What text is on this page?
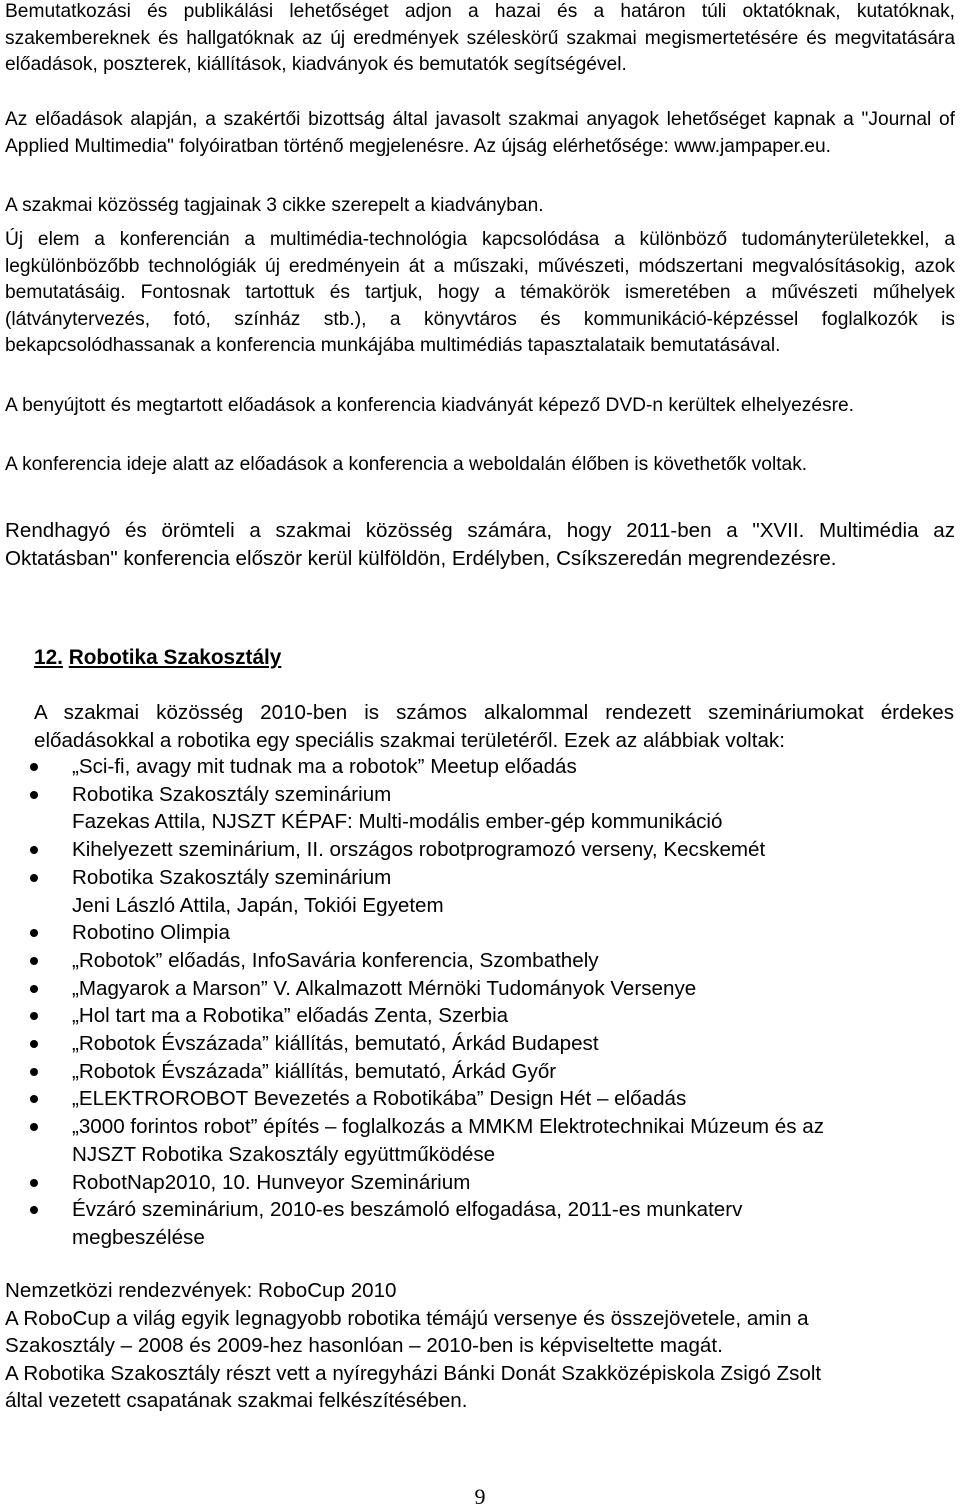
Bemutatkozási és publikálási lehetőséget adjon a hazai és a határon túli oktatóknak, kutatóknak, szakembereknek és hallgatóknak az új eredmények széleskörű szakmai megismertetésére és megvitatására előadások, poszterek, kiállítások, kiadványok és bemutatók segítségével.

Az előadások alapján, a szakértői bizottság által javasolt szakmai anyagok lehetőséget kapnak a "Journal of Applied Multimedia" folyóiratban történő megjelenésre. Az újság elérhetősége: www.jampaper.eu.

A szakmai közösség tagjainak 3 cikke szerepelt a kiadványban.

Új elem a konferencián a multimédia-technológia kapcsolódása a különböző tudományterületekkel, a legkülönbözőbb technológiák új eredményein át a műszaki, művészeti, módszertani megvalósításokig, azok bemutatásáig. Fontosnak tartottuk és tartjuk, hogy a témakörök ismeretében a művészeti műhelyek (látványtervezés, fotó, színház stb.), a könyvtáros és kommunikáció-képzéssel foglalkozók is bekapcsolódhassanak a konferencia munkájába multimédiás tapasztalataik bemutatásával.

A benyújtott és megtartott előadások a konferencia kiadványát képező DVD-n kerültek elhelyezésre.

A konferencia ideje alatt az előadások a konferencia a weboldalán élőben is követhetők voltak.

Rendhagyó és örömteli a szakmai közösség számára, hogy 2011-ben a "XVII. Multimédia az Oktatásban" konferencia először kerül külföldön, Erdélyben, Csíkszeredán megrendezésre.

12. Robotika Szakosztály

A szakmai közösség 2010-ben is számos alkalommal rendezett szemináriumokat érdekes előadásokkal a robotika egy speciális szakmai területéről. Ezek az alábbiak voltak:

„Sci-fi, avagy mit tudnak ma a robotok” Meetup előadás
Robotika Szakosztály szeminárium
Fazekas Attila, NJSZT KÉPAF: Multi-modális ember-gép kommunikáció
Kihelyezett szeminárium, II. országos robotprogramozó verseny, Kecskemét
Robotika Szakosztály szeminárium
Jeni László Attila, Japán, Tokiói Egyetem
Robotino Olimpia
„Robotok” előadás, InfoSavária konferencia, Szombathely
„Magyarok a Marson” V. Alkalmazott Mérnöki Tudományok Versenye
„Hol tart ma a Robotika” előadás Zenta, Szerbia
„Robotok Évszázada” kiállítás, bemutató, Árkád Budapest
„Robotok Évszázada” kiállítás, bemutató, Árkád Győr
„ELEKTROROBOT Bevezetés a Robotikába” Design Hét – előadás
„3000 forintos robot” építés – foglalkozás a MMKM Elektrotechnikai Múzeum és az
NJSZT Robotika Szakosztály együttműködése
RobotNap2010, 10. Hunveyor Szeminárium
Évzáró szeminárium, 2010-es beszámoló elfogadása, 2011-es munkaterv
megbeszélése

Nemzetközi rendezvények: RoboCup 2010

A RoboCup a világ egyik legnagyobb robotika témájú versenye és összejövetele, amin a

Szakosztály – 2008 és 2009-hez hasonlóan – 2010-ben is képviseltette magát.

A Robotika Szakosztály részt vett a nyíregyházi Bánki Donát Szakközépiskola Zsigó Zsolt

által vezetett csapatának szakmai felkészítésében.

9
